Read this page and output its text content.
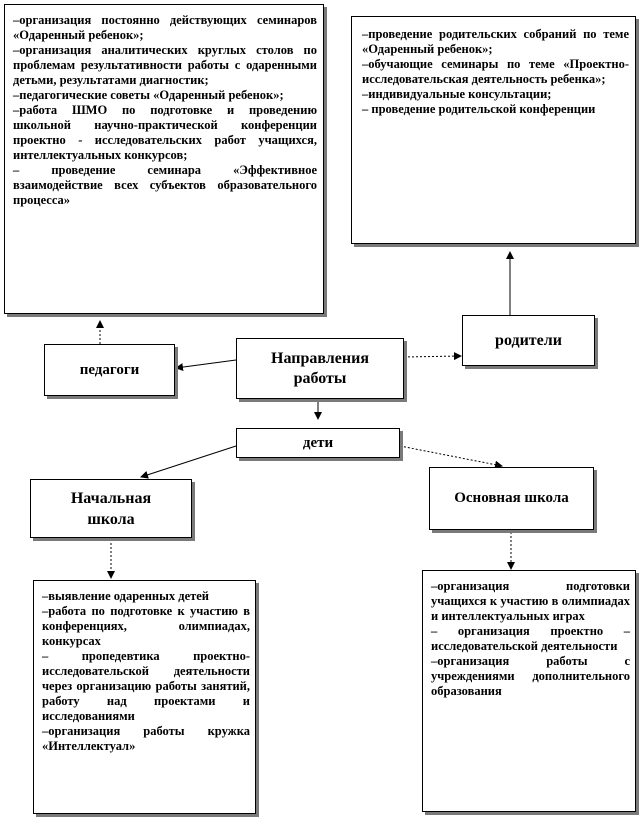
–организация постоянно действующих семинаров «Одаренный ребенок»;

–организация аналитических круглых столов по проблемам результативности работы с одаренными детьми, результатами диагностик;

–педагогические советы «Одаренный ребенок»;

–работа ШМО по подготовке и проведению школьной научно-практической конференции проектно - исследовательских работ учащихся, интеллектуальных конкурсов;

– проведение семинара «Эффективное взаимодействие всех субъектов образовательного процесса»

–проведение родительских собраний по теме «Одаренный ребенок»;

–обучающие семинары по теме «Проектно-исследовательская деятельность ребенка»;

–индивидуальные консультации;

– проведение родительской конференции

педагоги

Направления работы

родители

дети

Начальная школа

Основная школа

–выявление одаренных детей

–работа по подготовке к участию в конференциях, олимпиадах, конкурсах

– пропедевтика проектно-исследовательской деятельности через организацию работы занятий, работу над проектами и исследованиями

–организация работы кружка «Интеллектуал»

–организация подготовки учащихся к участию в олимпиадах и интеллектуальных играх

– организация проектно – исследовательской деятельности

–организация работы с учреждениями дополнительного образования
